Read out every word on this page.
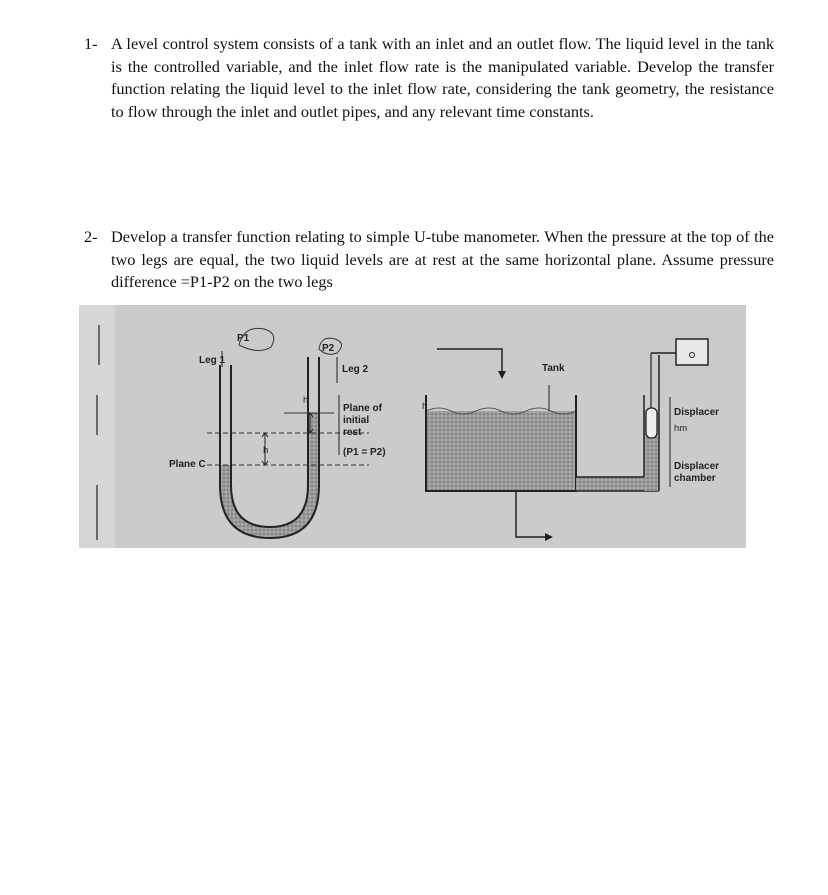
1- A level control system consists of a tank with an inlet and an outlet flow. The liquid level in the tank is the controlled variable, and the inlet flow rate is the manipulated variable. Develop the transfer function relating the liquid level to the inlet flow rate, considering the tank geometry, the resistance to flow through the inlet and outlet pipes, and any relevant time constants.
2- Develop a transfer function relating to simple U-tube manometer. When the pressure at the top of the two legs are equal, the two liquid levels are at rest at the same horizontal plane. Assume pressure difference =P1-P2 on the two legs
Leg 1
P1
P2
Leg 2
h
h
Plane C
Plane of
initial
rest
(P1 = P2)
h
Tank
Displacer
hm
Displacer
chamber
